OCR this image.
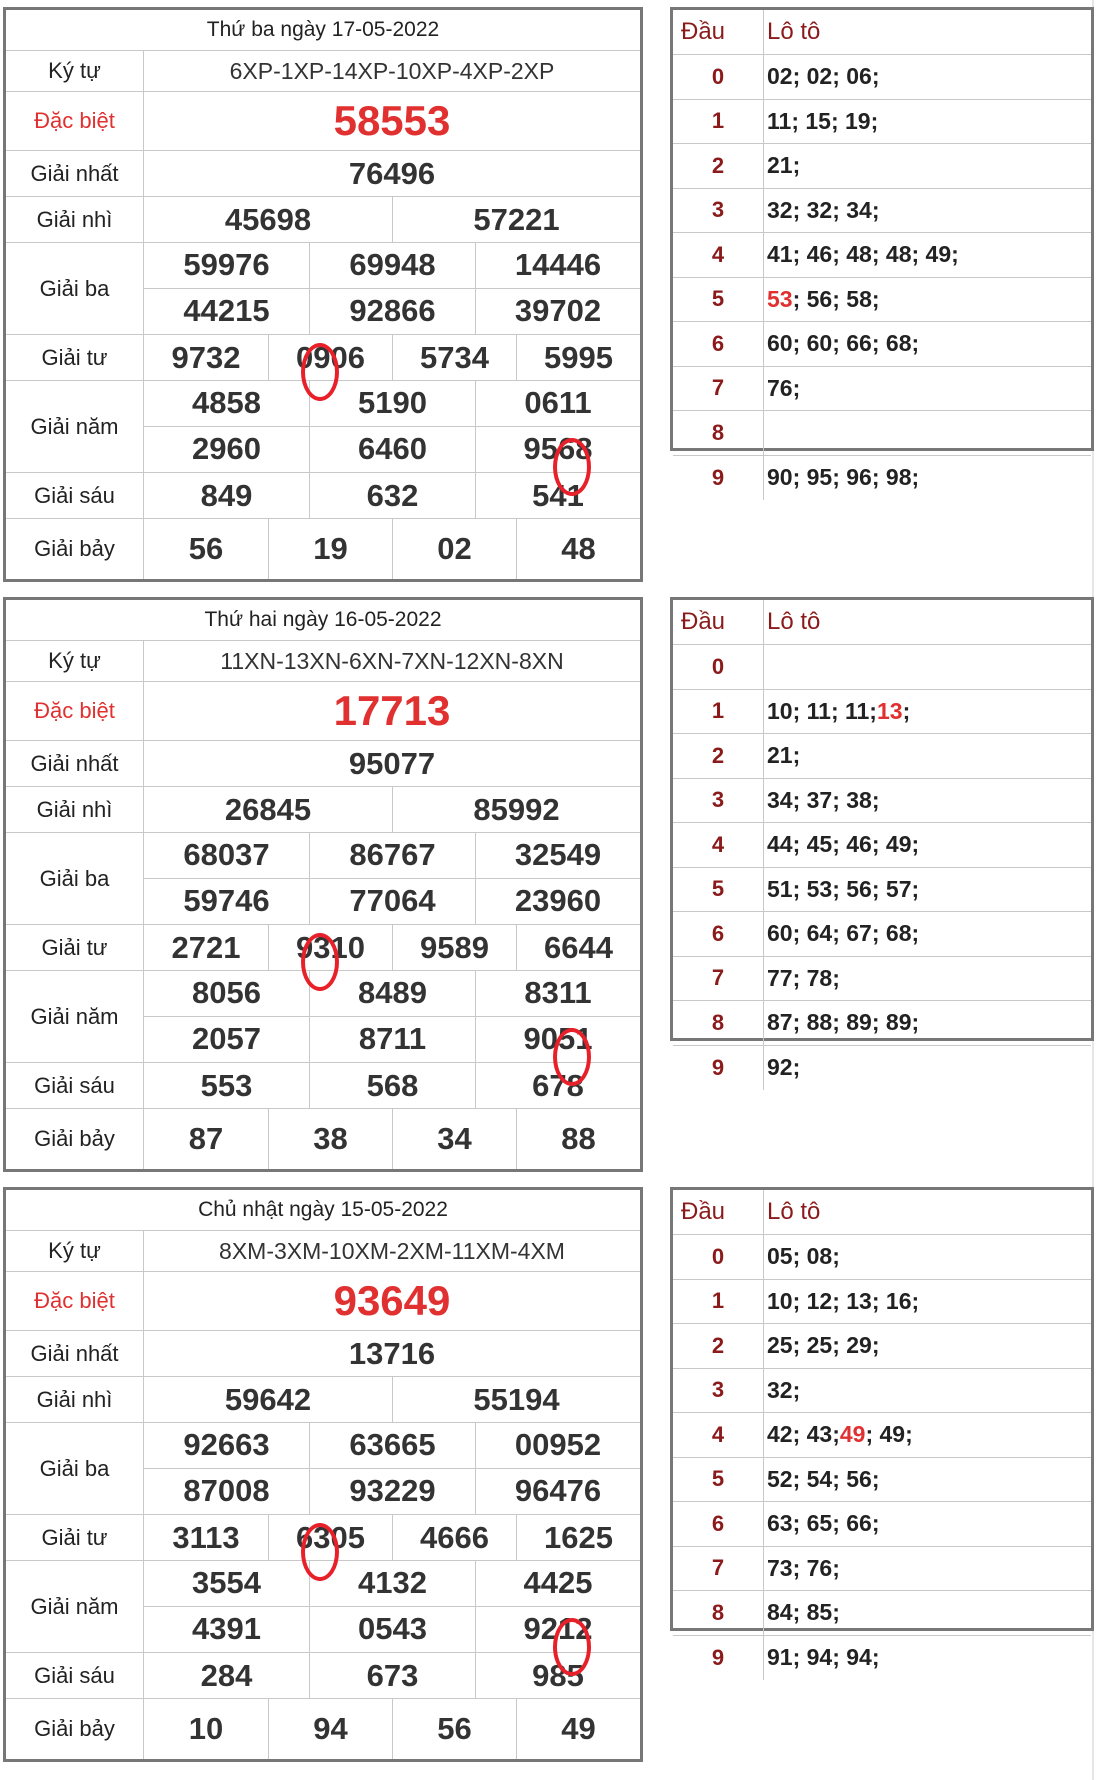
Thứ ba ngày 17-05-2022
Ký tự	6XP-1XP-14XP-10XP-4XP-2XP
Đặc biệt	58553
Giải nhất	76496
Giải nhì	45698	57221
Giải ba
59976	69948	14446
44215	92866	39702
Giải tư	9732	0906	5734	5995
Giải năm
4858	5190	0611
2960	6460	9568
Giải sáu	849	632	541
Giải bảy	56	19	02	48
Đầu	Lô tô
0	02; 02; 06;
1	11; 15; 19;
2	21;
3	32; 32; 34;
4	41; 46; 48; 48; 49;
5	53 ; 56; 58;
6	60; 60; 66; 68;
7	76;
8
9	90; 95; 96; 98;
Thứ hai ngày 16-05-2022
Ký tự	11XN-13XN-6XN-7XN-12XN-8XN
Đặc biệt	17713
Giải nhất	95077
Giải nhì	26845	85992
Giải ba
68037	86767	32549
59746	77064	23960
Giải tư	2721	9310	9589	6644
Giải năm
8056	8489	8311
2057	8711	9051
Giải sáu	553	568	678
Giải bảy	87	38	34	88
Đầu	Lô tô
0
1	10; 11; 11; 13 ;
2	21;
3	34; 37; 38;
4	44; 45; 46; 49;
5	51; 53; 56; 57;
6	60; 64; 67; 68;
7	77; 78;
8	87; 88; 89; 89;
9	92;
Chủ nhật ngày 15-05-2022
Ký tự	8XM-3XM-10XM-2XM-11XM-4XM
Đặc biệt	93649
Giải nhất	13716
Giải nhì	59642	55194
Giải ba
92663	63665	00952
87008	93229	96476
Giải tư	3113	6305	4666	1625
Giải năm
3554	4132	4425
4391	0543	9212
Giải sáu	284	673	985
Giải bảy	10	94	56	49
Đầu	Lô tô
0	05; 08;
1	10; 12; 13; 16;
2	25; 25; 29;
3	32;
4	42; 43; 49 ; 49;
5	52; 54; 56;
6	63; 65; 66;
7	73; 76;
8	84; 85;
9	91; 94; 94;
